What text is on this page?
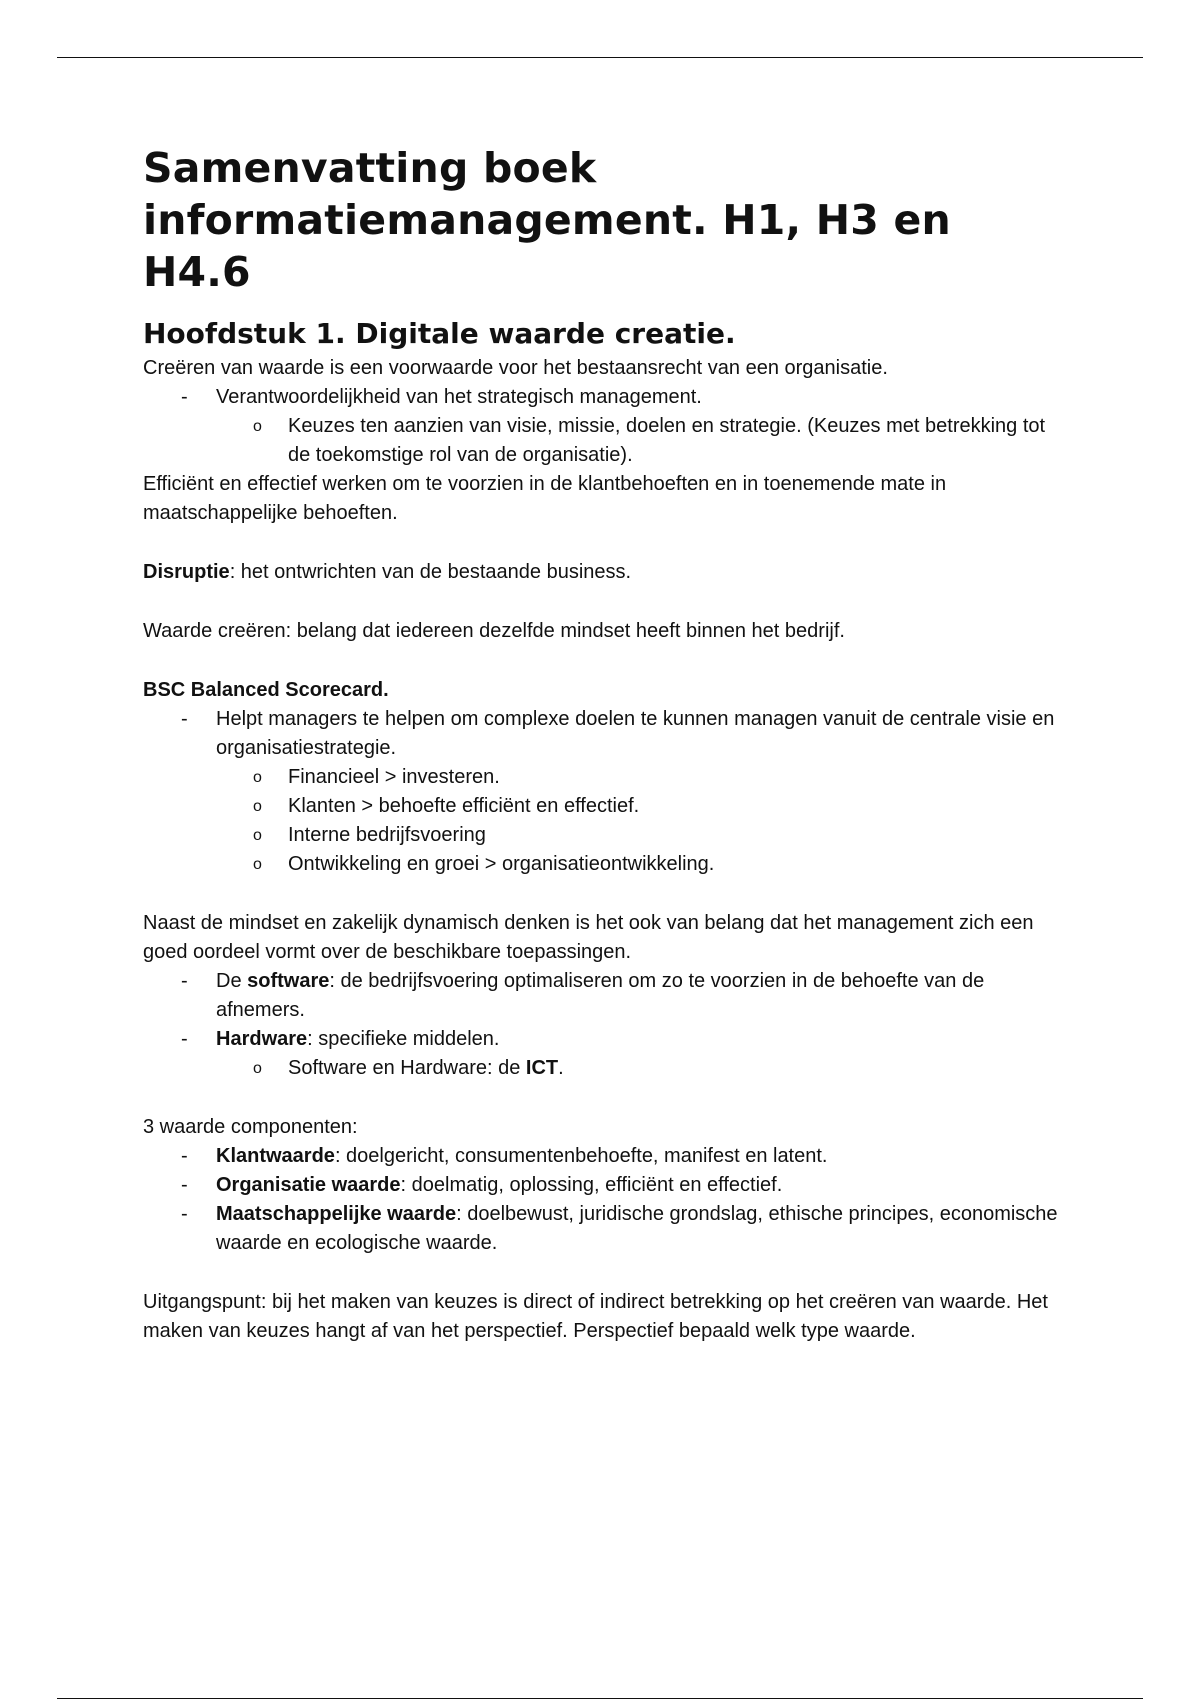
Samenvatting boek informatiemanagement. H1, H3 en H4.6
Hoofdstuk 1. Digitale waarde creatie.

Creëren van waarde is een voorwaarde voor het bestaansrecht van een organisatie.

- Verantwoordelijkheid van het strategisch management.
o Keuzes ten aanzien van visie, missie, doelen en strategie. (Keuzes met betrekking tot de toekomstige rol van de organisatie).

Efficiënt en effectief werken om te voorzien in de klantbehoeften en in toenemende mate in maatschappelijke behoeften.

Disruptie: het ontwrichten van de bestaande business.

Waarde creëren: belang dat iedereen dezelfde mindset heeft binnen het bedrijf.

BSC Balanced Scorecard.

- Helpt managers te helpen om complexe doelen te kunnen managen vanuit de centrale visie en organisatiestrategie.
o Financieel > investeren.
o Klanten > behoefte efficiënt en effectief.
o Interne bedrijfsvoering
o Ontwikkeling en groei > organisatieontwikkeling.

Naast de mindset en zakelijk dynamisch denken is het ook van belang dat het management zich een goed oordeel vormt over de beschikbare toepassingen.

- De software: de bedrijfsvoering optimaliseren om zo te voorzien in de behoefte van de afnemers.
- Hardware: specifieke middelen.
o Software en Hardware: de ICT.

3 waarde componenten:

- Klantwaarde: doelgericht, consumentenbehoefte, manifest en latent.
- Organisatie waarde: doelmatig, oplossing, efficiënt en effectief.
- Maatschappelijke waarde: doelbewust, juridische grondslag, ethische principes, economische waarde en ecologische waarde.

Uitgangspunt: bij het maken van keuzes is direct of indirect betrekking op het creëren van waarde. Het maken van keuzes hangt af van het perspectief. Perspectief bepaald welk type waarde.
